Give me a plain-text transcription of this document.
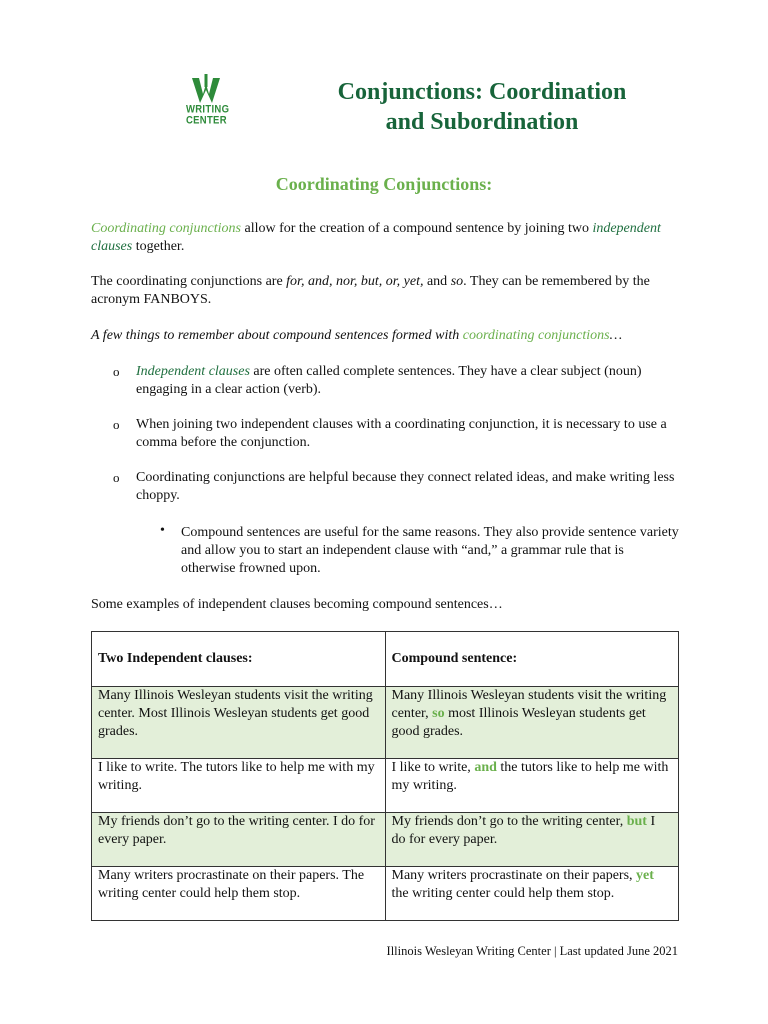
WRITING
CENTER
Conjunctions: Coordination
and Subordination
Coordinating Conjunctions:
Coordinating conjunctions allow for the creation of a compound sentence by joining two independent clauses together.
The coordinating conjunctions are for, and, nor, but, or, yet, and so. They can be remembered by the acronym FANBOYS.
A few things to remember about compound sentences formed with coordinating conjunctions…
o Independent clauses are often called complete sentences. They have a clear subject (noun) engaging in a clear action (verb).
o When joining two independent clauses with a coordinating conjunction, it is necessary to use a comma before the conjunction.
o Coordinating conjunctions are helpful because they connect related ideas, and make writing less choppy.
• Compound sentences are useful for the same reasons. They also provide sentence variety and allow you to start an independent clause with “and,” a grammar rule that is otherwise frowned upon.
Some examples of independent clauses becoming compound sentences…
Two Independent clauses:	Compound sentence:
Many Illinois Wesleyan students visit the writing center. Most Illinois Wesleyan students get good grades.	Many Illinois Wesleyan students visit the writing center, so most Illinois Wesleyan students get good grades.
I like to write. The tutors like to help me with my writing.	I like to write, and the tutors like to help me with my writing.
My friends don’t go to the writing center. I do for every paper.	My friends don’t go to the writing center, but I do for every paper.
Many writers procrastinate on their papers. The writing center could help them stop.	Many writers procrastinate on their papers, yet the writing center could help them stop.
Illinois Wesleyan Writing Center | Last updated June 2021
